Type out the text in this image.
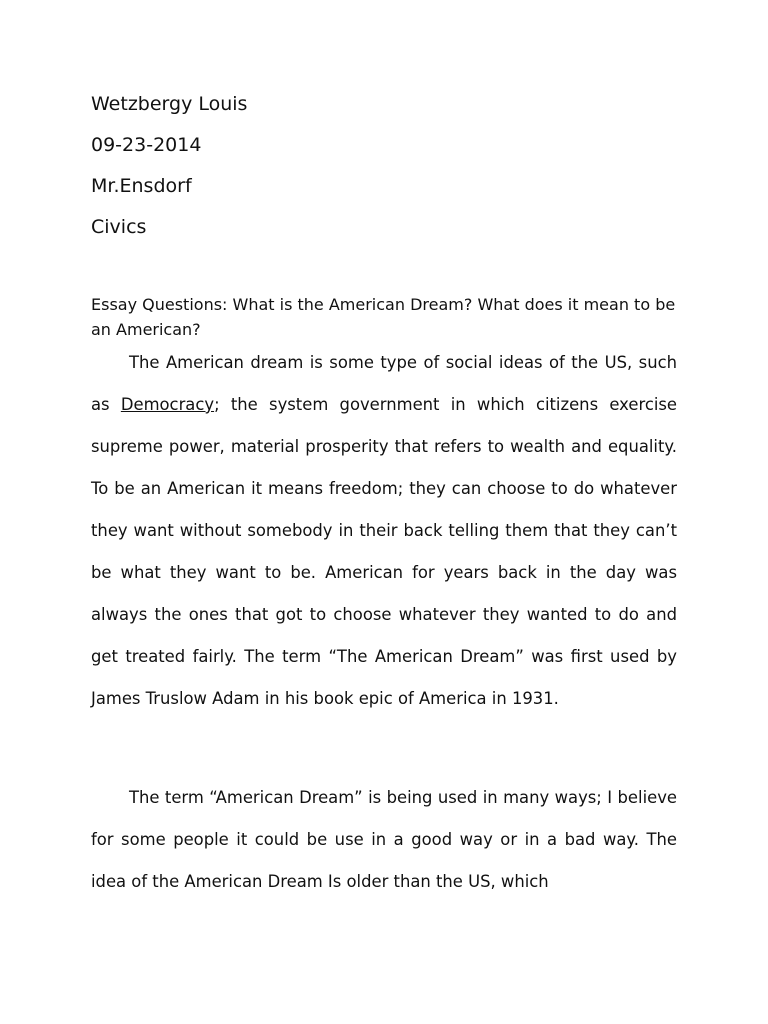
Wetzbergy Louis

09-23-2014

Mr.Ensdorf

Civics

Essay Questions: What is the American Dream? What does it mean to be an American?

The American dream is some type of social ideas of the US, such as Democracy; the system government in which citizens exercise supreme power, material prosperity that refers to wealth and equality. To be an American it means freedom; they can choose to do whatever they want without somebody in their back telling them that they can’t be what they want to be. American for years back in the day was always the ones that got to choose whatever they wanted to do and get treated fairly. The term “The American Dream” was first used by James Truslow Adam in his book epic of America in 1931.

The term “American Dream” is being used in many ways; I believe for some people it could be use in a good way or in a bad way. The idea of the American Dream Is older than the US, which
